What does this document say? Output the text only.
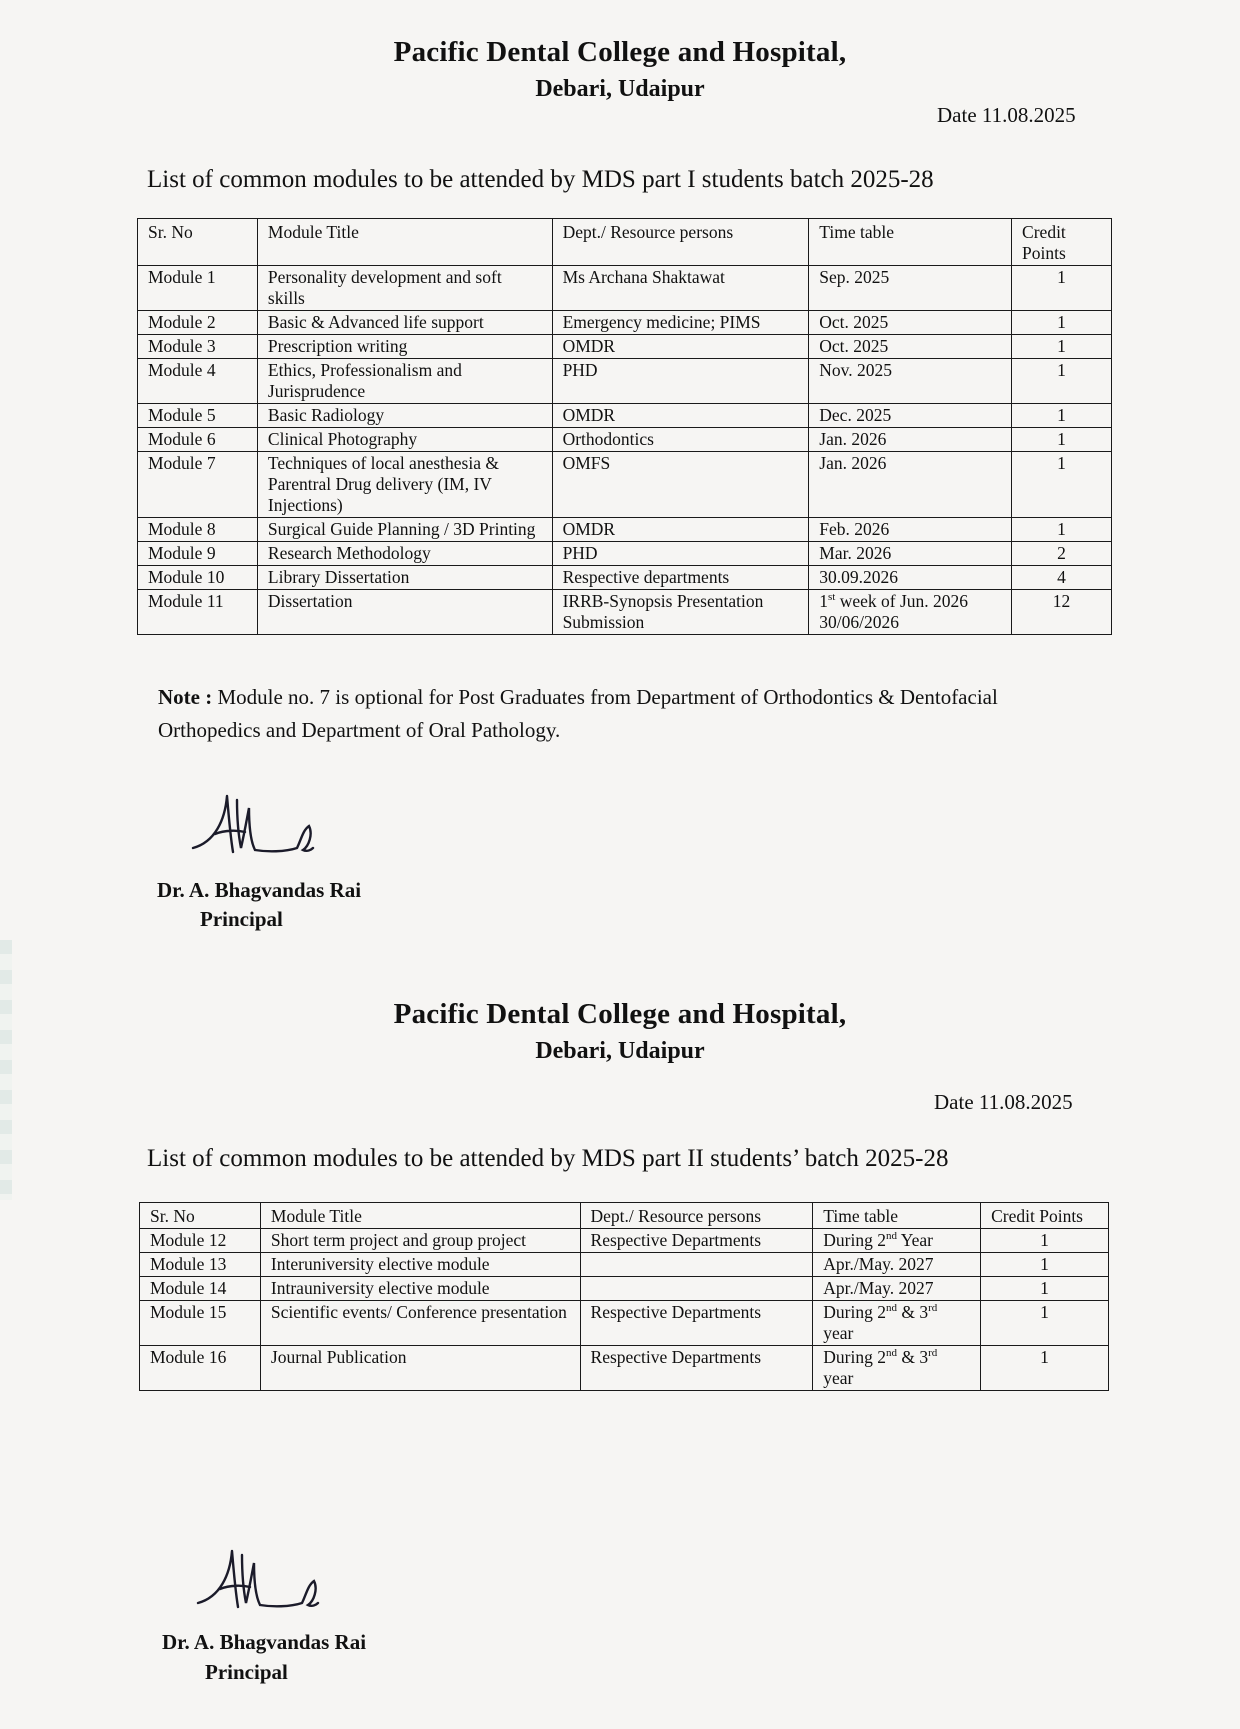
Pacific Dental College and Hospital,
Debari, Udaipur
Date 11.08.2025
List of common modules to be attended by MDS part I students batch 2025-28
Sr. No	Module Title	Dept./ Resource persons	Time table	Credit Points
Module 1	Personality development and soft skills	Ms Archana Shaktawat	Sep. 2025	1
Module 2	Basic & Advanced life support	Emergency medicine; PIMS	Oct. 2025	1
Module 3	Prescription writing	OMDR	Oct. 2025	1
Module 4	Ethics, Professionalism and Jurisprudence	PHD	Nov. 2025	1
Module 5	Basic Radiology	OMDR	Dec. 2025	1
Module 6	Clinical Photography	Orthodontics	Jan. 2026	1
Module 7	Techniques of local anesthesia & Parentral Drug delivery (IM, IV Injections)	OMFS	Jan. 2026	1
Module 8	Surgical Guide Planning / 3D Printing	OMDR	Feb. 2026	1
Module 9	Research Methodology	PHD	Mar. 2026	2
Module 10	Library Dissertation	Respective departments	30.09.2026	4
Module 11	Dissertation	IRRB-Synopsis Presentation Submission	1st week of Jun. 2026 30/06/2026	12
Note : Module no. 7 is optional for Post Graduates from Department of Orthodontics & Dentofacial Orthopedics and Department of Oral Pathology.
Dr. A. Bhagvandas Rai
Principal
Pacific Dental College and Hospital,
Debari, Udaipur
Date 11.08.2025
List of common modules to be attended by MDS part II students’ batch 2025-28
Sr. No	Module Title	Dept./ Resource persons	Time table	Credit Points
Module 12	Short term project and group project	Respective Departments	During 2nd Year	1
Module 13	Interuniversity elective module		Apr./May. 2027	1
Module 14	Intrauniversity elective module		Apr./May. 2027	1
Module 15	Scientific events/ Conference presentation	Respective Departments	During 2nd & 3rd year	1
Module 16	Journal Publication	Respective Departments	During 2nd & 3rd year	1
Dr. A. Bhagvandas Rai
Principal
